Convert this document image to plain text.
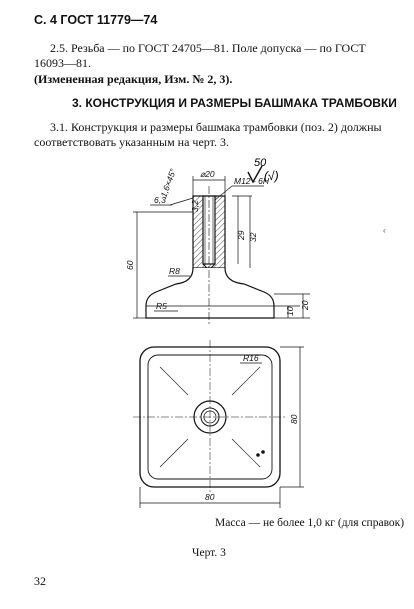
С. 4 ГОСТ 11779—74
2.5. Резьба — по ГОСТ 24705—81. Поле допуска — по ГОСТ
16093—81.
(Измененная редакция, Изм. № 2, 3).
3. КОНСТРУКЦИЯ И РАЗМЕРЫ БАШМАКА ТРАМБОВКИ
3.1. Конструкция и размеры башмака трамбовки (поз. 2) должны
соответствовать указанным на черт. 3.
50
(√)
⌀20
M12 - 6H
6,3
1,6×45°
3,2
29 32
60
R8
R5
10
20
R16
80
80
‹
Масса — не более 1,0 кг (для справок)
Черт. 3
32
